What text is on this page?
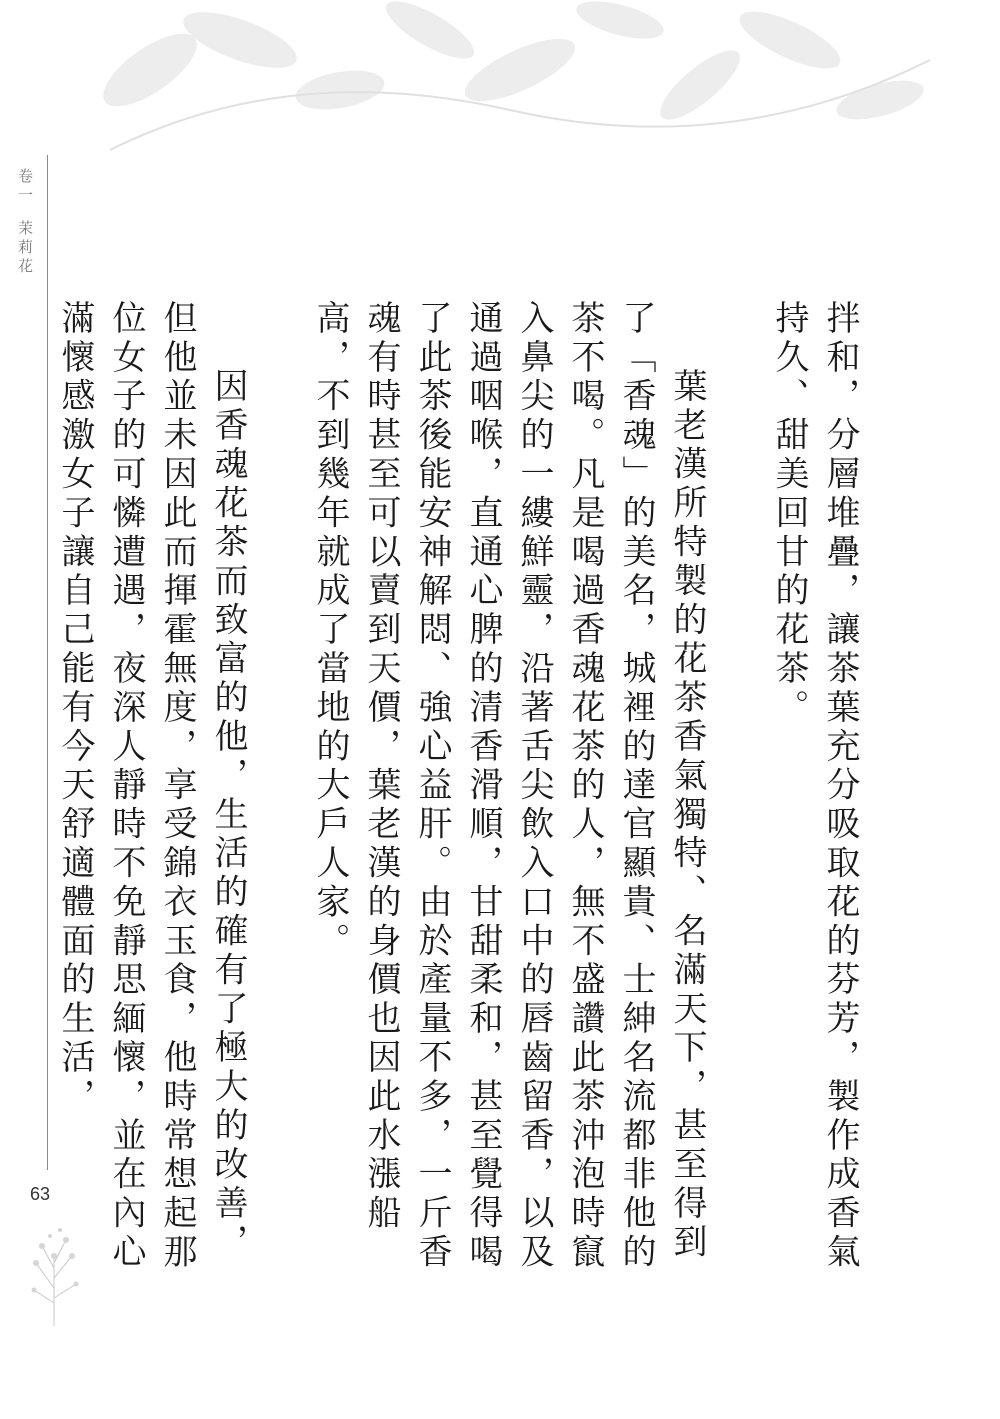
卷一茉莉花
63	拌和，分層堆疊，讓茶葉充分吸取花的芬芳，製作成香氣持久、甜美回甘的花茶。

葉老漢所特製的花茶香氣獨特、名滿天下，甚至得到了「香魂」的美名，城裡的達官顯貴、士紳名流都非他的茶不喝。凡是喝過香魂花茶的人，無不盛讚此茶沖泡時竄入鼻尖的一縷鮮靈，沿著舌尖飲入口中的唇齒留香，以及通過咽喉，直通心脾的清香滑順，甘甜柔和，甚至覺得喝了此茶後能安神解悶、強心益肝。由於產量不多，一斤香魂有時甚至可以賣到天價，葉老漢的身價也因此水漲船高，不到幾年就成了當地的大戶人家。

因香魂花茶而致富的他，生活的確有了極大的改善，但他並未因此而揮霍無度，享受錦衣玉食，他時常想起那位女子的可憐遭遇，夜深人靜時不免靜思緬懷，並在內心滿懷感激女子讓自己能有今天舒適體面的生活，
